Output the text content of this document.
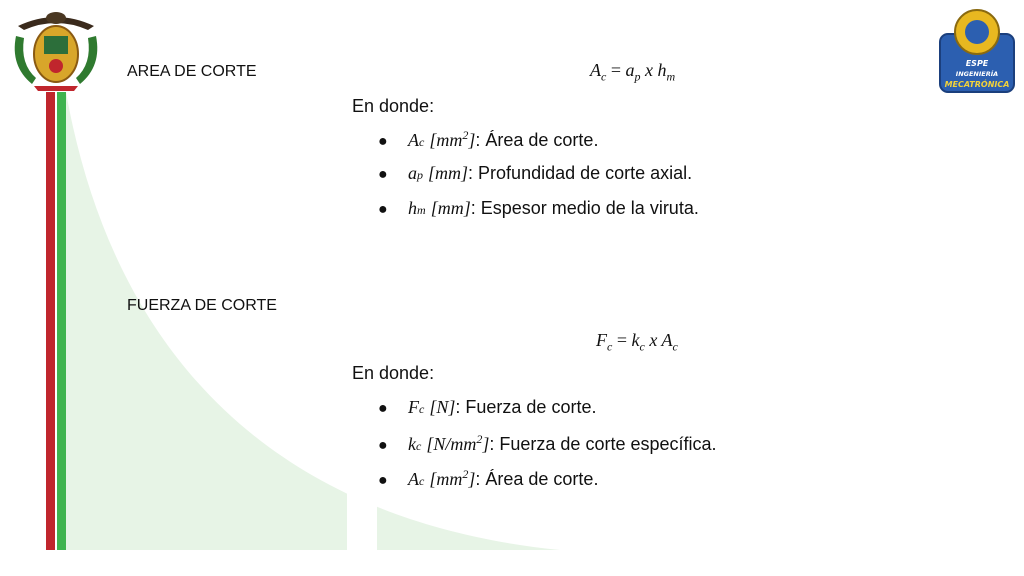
ESPE
INGENIERÍA
MECATRÓNICA
AREA DE CORTE	$A_c = a_p$ x $h_m$
En donde:
●	A c
$[mm^2]$ : Área de corte.
●	a p
[mm] : Profundidad de corte axial.
●	h m
[mm] : Espesor medio de la viruta.
FUERZA DE CORTE
$F_c = k_c$ x $A_c$
En donde:
●	F c
[N] : Fuerza de corte.
●	k c
$[N/mm^2]$ : Fuerza de corte específica.
●	A c
$[mm^2]$ : Área de corte.
